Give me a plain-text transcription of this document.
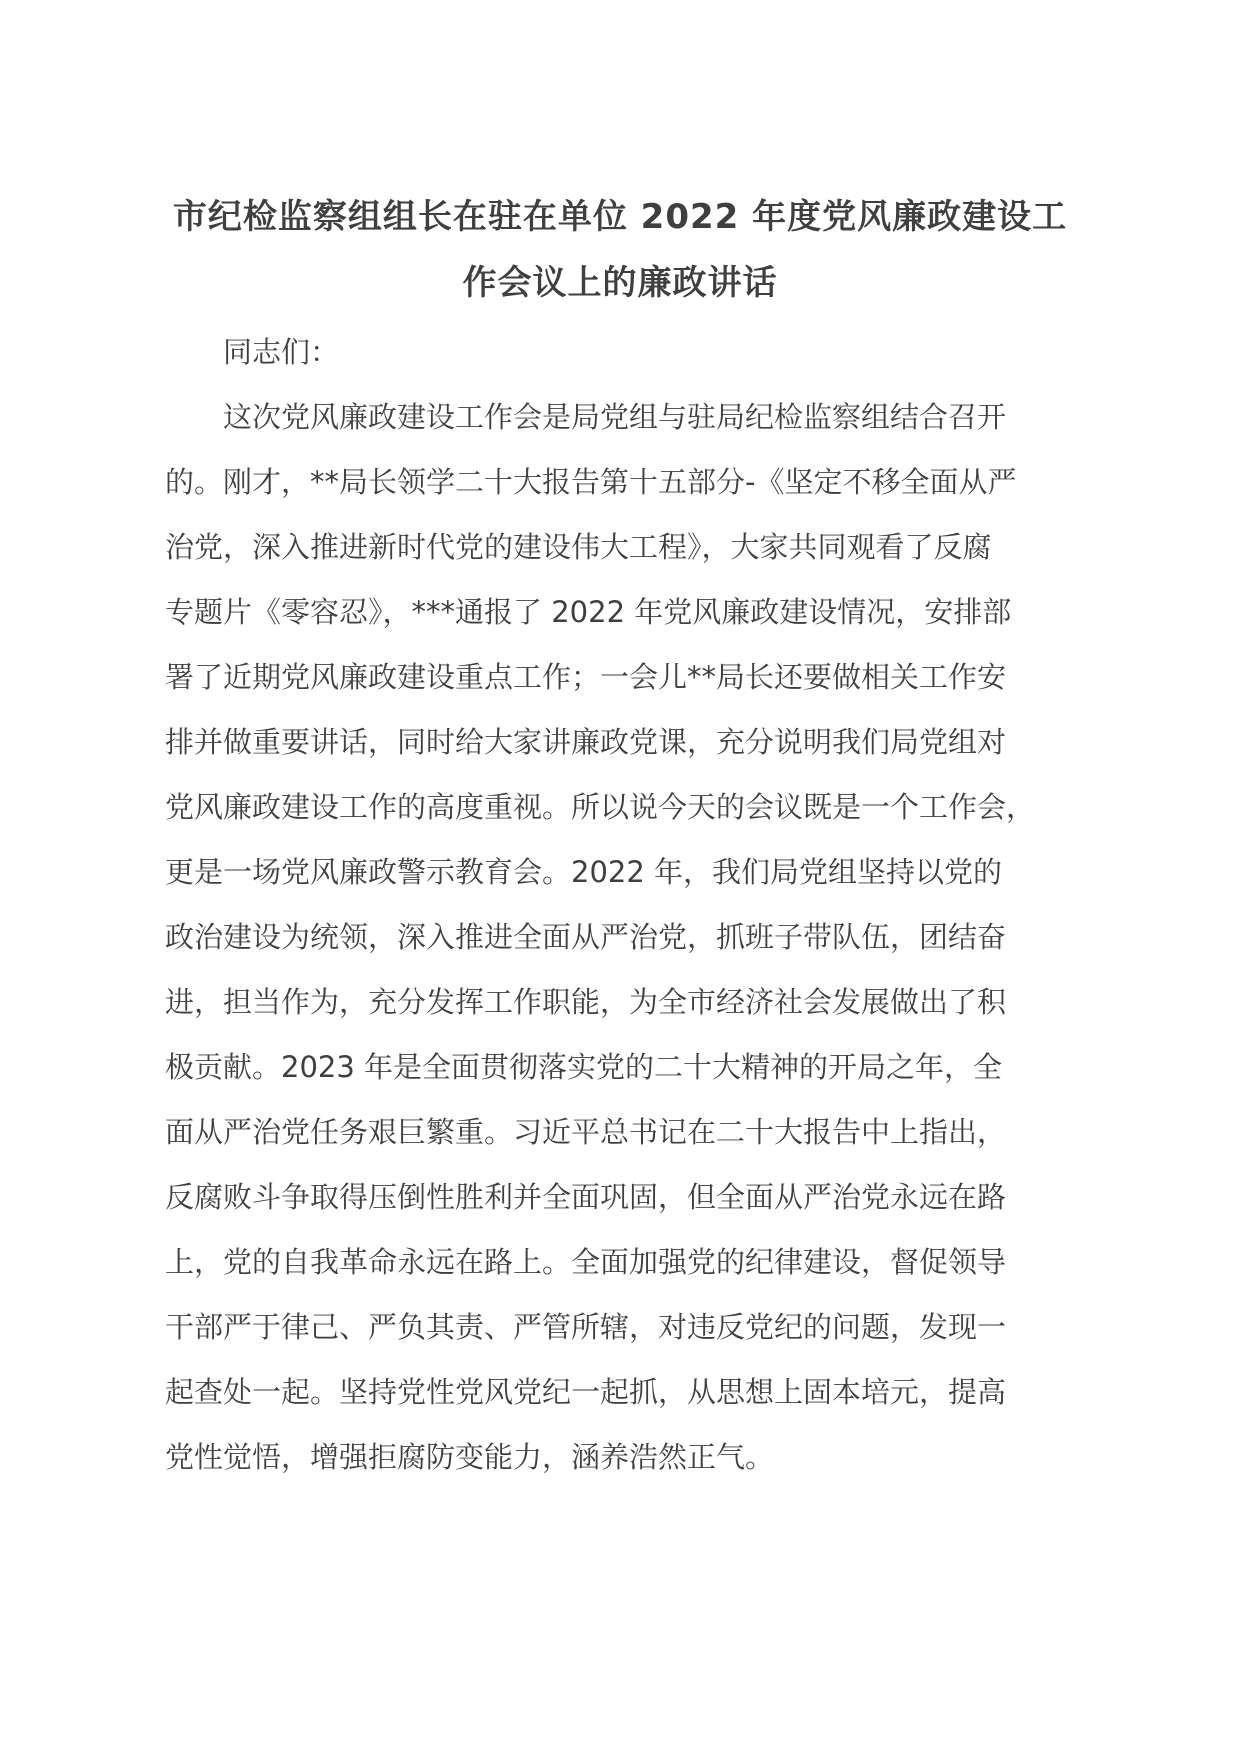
市纪检监察组组长在驻在单位 2022 年度党风廉政建设工
作会议上的廉政讲话
同志们：
这次党风廉政建设工作会是局党组与驻局纪检监察组结合召开
的。刚才，**局长领学二十大报告第十五部分-《坚定不移全面从严
治党，深入推进新时代党的建设伟大工程》，大家共同观看了反腐
专题片《零容忍》，***通报了 2022 年党风廉政建设情况，安排部
署了近期党风廉政建设重点工作；一会儿**局长还要做相关工作安
排并做重要讲话，同时给大家讲廉政党课，充分说明我们局党组对
党风廉政建设工作的高度重视。所以说今天的会议既是一个工作会，
更是一场党风廉政警示教育会。2022 年，我们局党组坚持以党的
政治建设为统领，深入推进全面从严治党，抓班子带队伍，团结奋
进，担当作为，充分发挥工作职能，为全市经济社会发展做出了积
极贡献。2023 年是全面贯彻落实党的二十大精神的开局之年，全
面从严治党任务艰巨繁重。习近平总书记在二十大报告中上指出，
反腐败斗争取得压倒性胜利并全面巩固，但全面从严治党永远在路
上，党的自我革命永远在路上。全面加强党的纪律建设，督促领导
干部严于律己、严负其责、严管所辖，对违反党纪的问题，发现一
起查处一起。坚持党性党风党纪一起抓，从思想上固本培元，提高
党性觉悟，增强拒腐防变能力，涵养浩然正气。
